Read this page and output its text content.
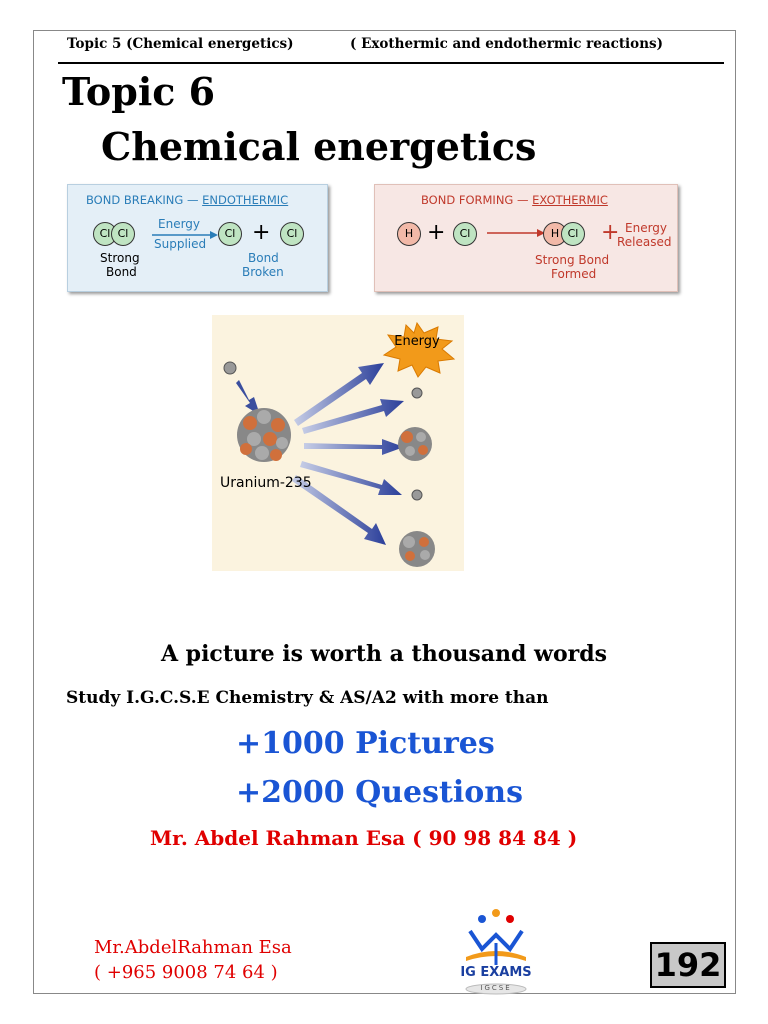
Topic 5 (Chemical energetics)	( Exothermic and endothermic reactions)
Topic 6
Chemical energetics
BOND BREAKING — ENDOTHERMIC
Cl Cl
Energy
Supplied
Cl +	Cl
Strong
Bond
Bond
Broken
BOND FORMING — EXOTHERMIC
H +	Cl	H Cl	+ Energy
Released
Strong Bond
Formed
Energy
Uranium-235
A picture is worth a thousand words
Study I.G.C.S.E Chemistry & AS/A2 with more than
+1000 Pictures
+2000 Questions
Mr. Abdel Rahman Esa ( 90 98 84 84 )
Mr.AbdelRahman Esa
( +965 9008 74 64 )	IG EXAMS
IGCSE
192
